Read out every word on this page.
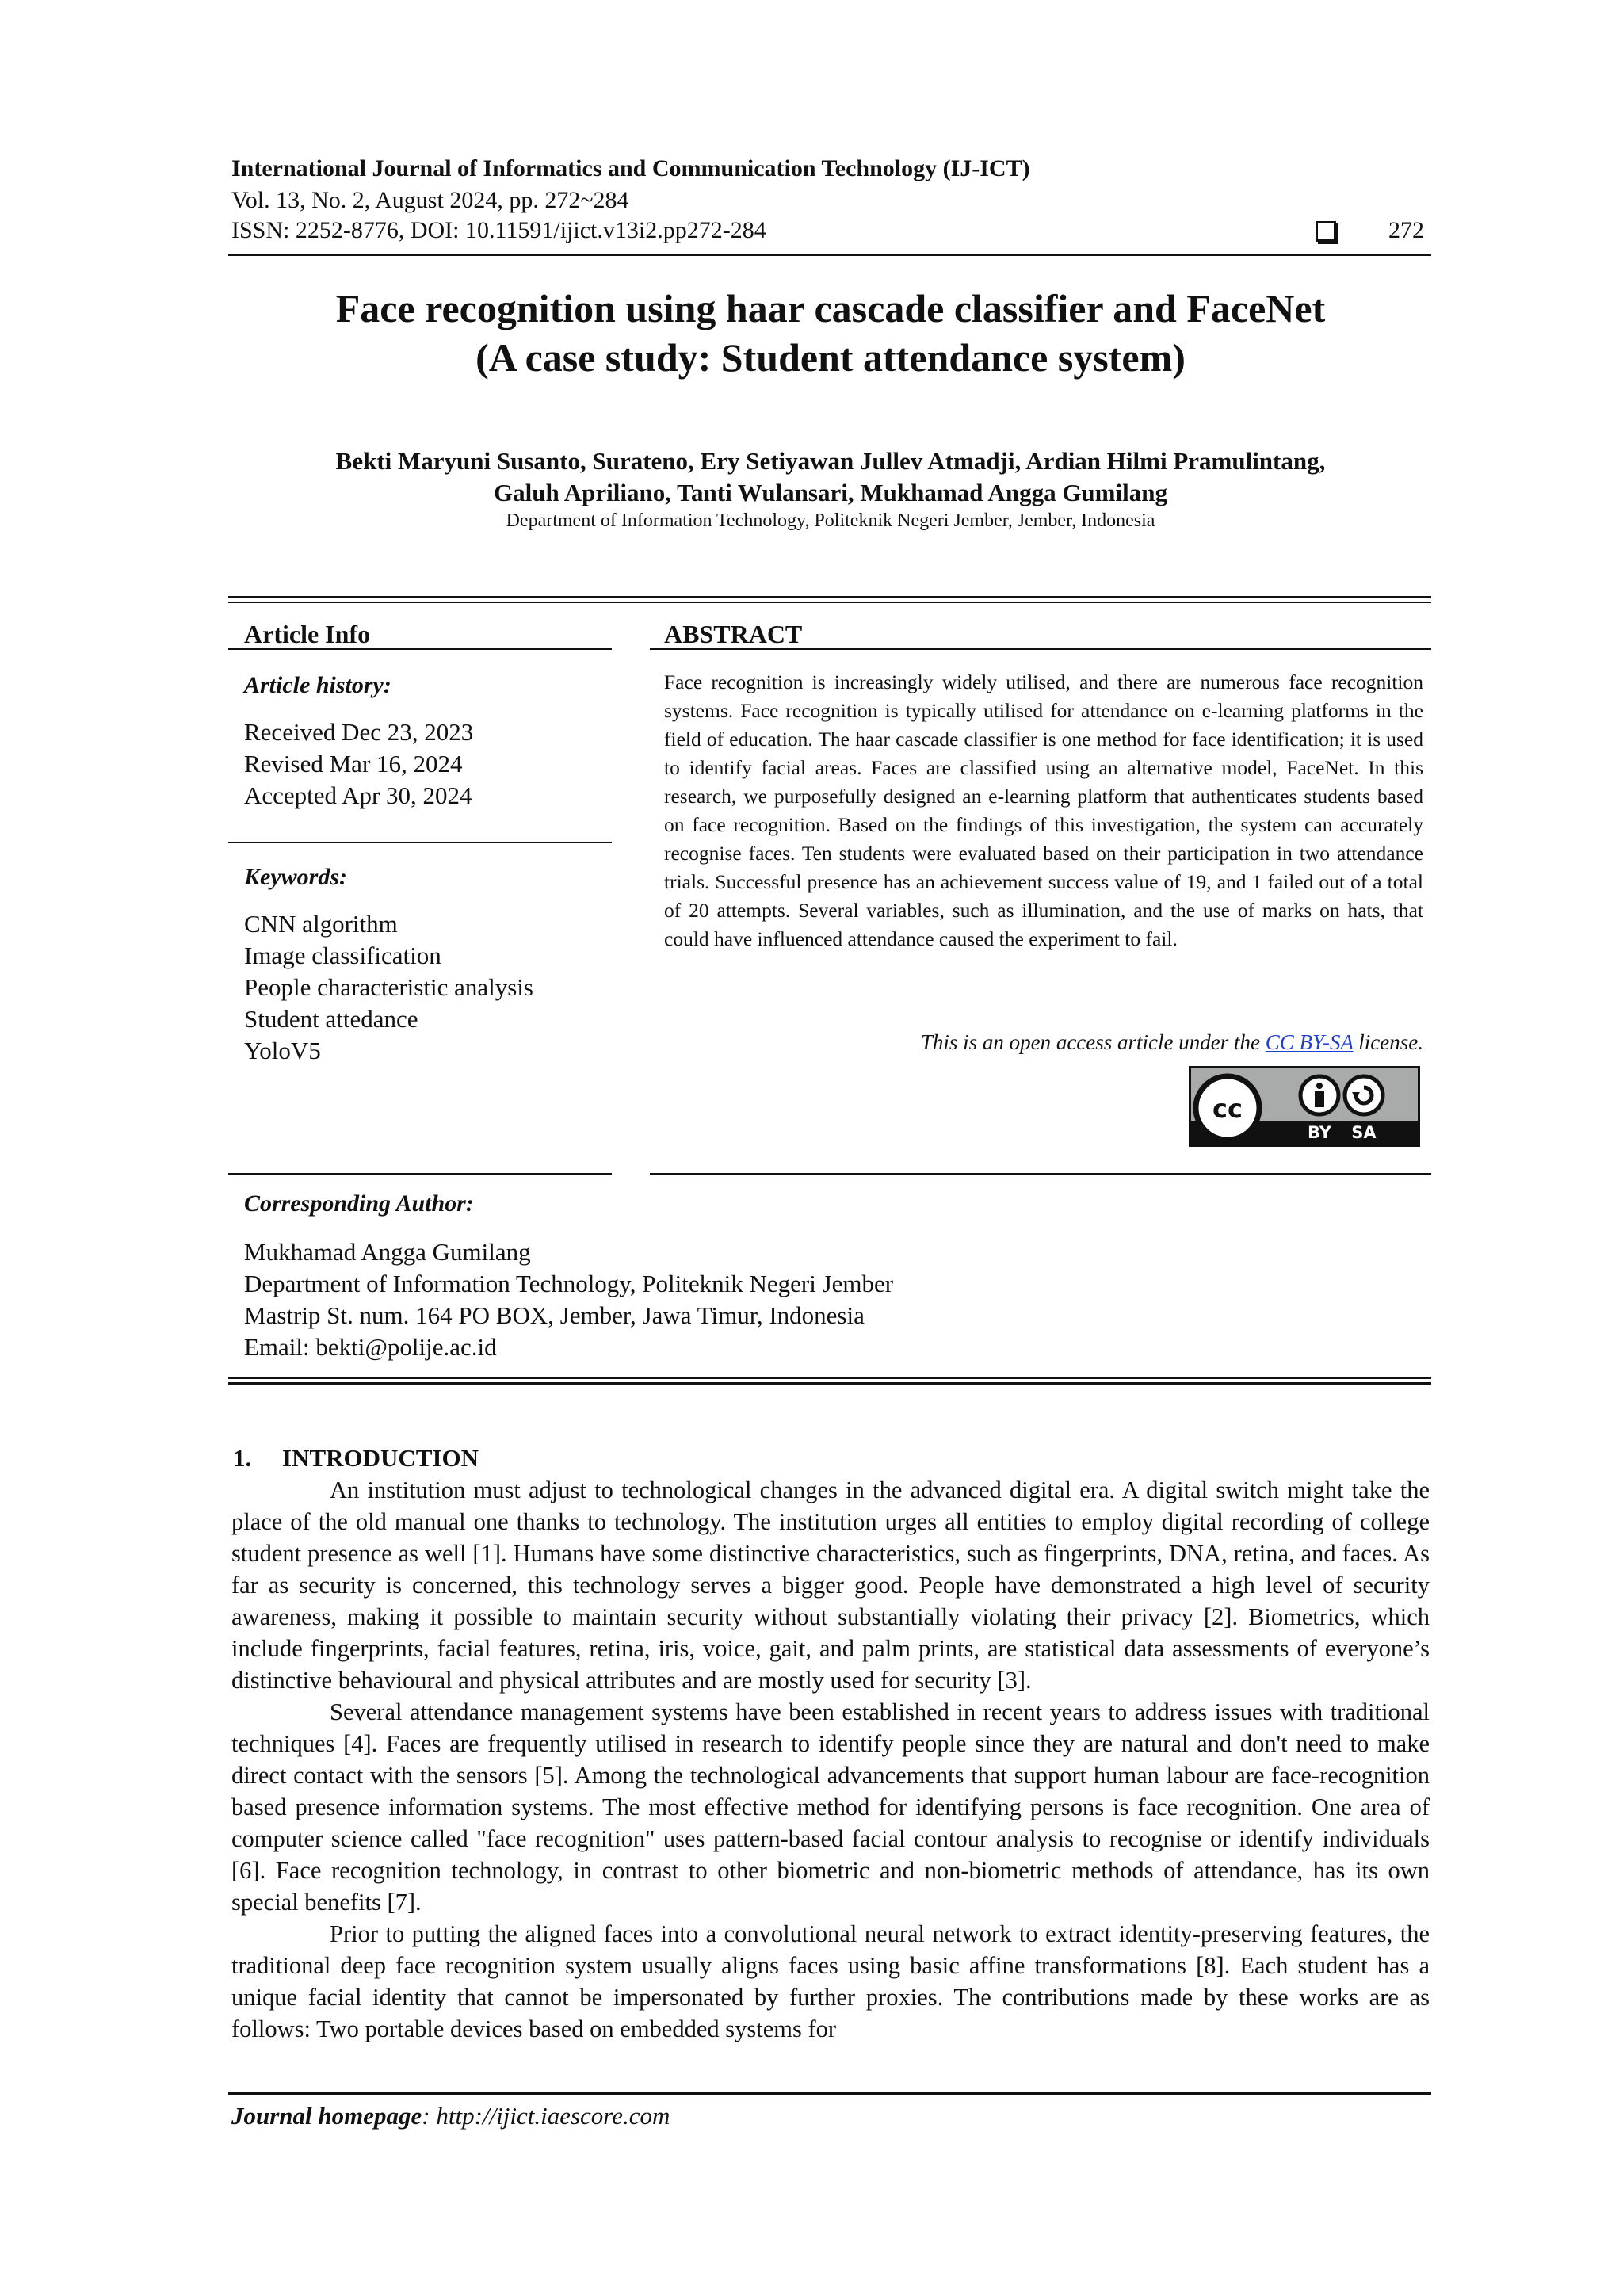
International Journal of Informatics and Communication Technology (IJ-ICT)
Vol. 13, No. 2, August 2024, pp. 272~284
ISSN: 2252-8776, DOI: 10.11591/ijict.v13i2.pp272-284	272
Face recognition using haar cascade classifier and FaceNet
(A case study: Student attendance system)
Bekti Maryuni Susanto, Surateno, Ery Setiyawan Jullev Atmadji, Ardian Hilmi Pramulintang,
Galuh Apriliano, Tanti Wulansari, Mukhamad Angga Gumilang
Department of Information Technology, Politeknik Negeri Jember, Jember, Indonesia
Article Info
Article history:
Received Dec 23, 2023
Revised Mar 16, 2024
Accepted Apr 30, 2024
Keywords:
CNN algorithm
Image classification
People characteristic analysis
Student attedance
YoloV5
ABSTRACT
Face recognition is increasingly widely utilised, and there are numerous face recognition systems. Face recognition is typically utilised for attendance on e-learning platforms in the field of education. The haar cascade classifier is one method for face identification; it is used to identify facial areas. Faces are classified using an alternative model, FaceNet. In this research, we purposefully designed an e-learning platform that authenticates students based on face recognition. Based on the findings of this investigation, the system can accurately recognise faces. Ten students were evaluated based on their participation in two attendance trials. Successful presence has an achievement success value of 19, and 1 failed out of a total of 20 attempts. Several variables, such as illumination, and the use of marks on hats, that could have influenced attendance caused the experiment to fail.
This is an open access article under the CC BY-SA license.
cc
BY SA
Corresponding Author:
Mukhamad Angga Gumilang
Department of Information Technology, Politeknik Negeri Jember
Mastrip St. num. 164 PO BOX, Jember, Jawa Timur, Indonesia
Email: bekti@polije.ac.id
1.     INTRODUCTION

An institution must adjust to technological changes in the advanced digital era. A digital switch might take the place of the old manual one thanks to technology. The institution urges all entities to employ digital recording of college student presence as well [1]. Humans have some distinctive characteristics, such as fingerprints, DNA, retina, and faces. As far as security is concerned, this technology serves a bigger good. People have demonstrated a high level of security awareness, making it possible to maintain security without substantially violating their privacy [2]. Biometrics, which include fingerprints, facial features, retina, iris, voice, gait, and palm prints, are statistical data assessments of everyone’s distinctive behavioural and physical attributes and are mostly used for security [3].

Several attendance management systems have been established in recent years to address issues with traditional techniques [4]. Faces are frequently utilised in research to identify people since they are natural and don't need to make direct contact with the sensors [5]. Among the technological advancements that support human labour are face-recognition based presence information systems. The most effective method for identifying persons is face recognition. One area of computer science called "face recognition" uses pattern-based facial contour analysis to recognise or identify individuals [6]. Face recognition technology, in contrast to other biometric and non-biometric methods of attendance, has its own special benefits [7].

Prior to putting the aligned faces into a convolutional neural network to extract identity-preserving features, the traditional deep face recognition system usually aligns faces using basic affine transformations [8]. Each student has a unique facial identity that cannot be impersonated by further proxies. The contributions made by these works are as follows: Two portable devices based on embedded systems for

Journal homepage: http://ijict.iaescore.com
